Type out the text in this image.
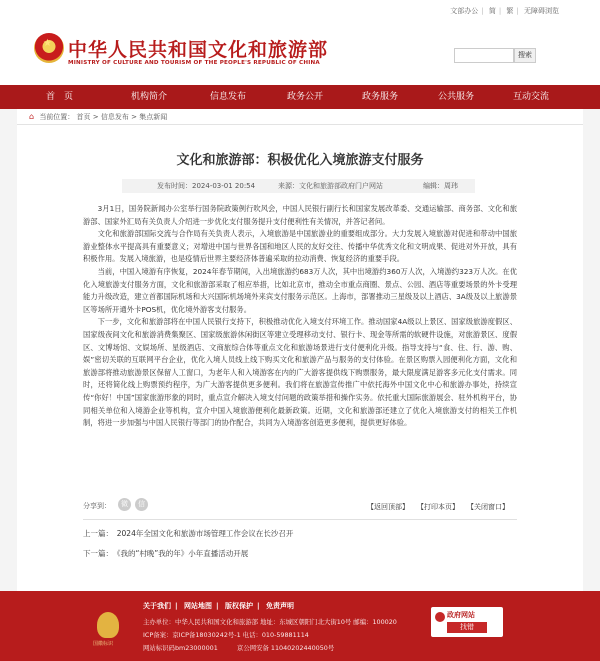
文部办公 | 简 | 繁 | 无障碍浏览
★ 中华人民共和国文化和旅游部
MINISTRY OF CULTURE AND TOURISM OF THE PEOPLE'S REPUBLIC OF CHINA
搜索
首　页	机构简介	信息发布	政务公开	政务服务	公共服务	互动交流
⌂ 当前位置： 首页 > 信息发布 > 集点新闻
文化和旅游部：积极优化入境旅游支付服务
发布时间：2024-03-01 20:54	来源：文化和旅游部政府门户网站	编辑：周玮

3月1日，国务院新闻办公室举行国务院政策例行吹风会，中国人民银行副行长和国家发展改革委、交通运输部、商务部、文化和旅游部、国家外汇局有关负责人介绍进一步优化支付服务提升支付便利性有关情况，并答记者问。

文化和旅游部国际交流与合作局有关负责人表示，入境旅游是中国旅游业的重要组成部分。大力发展入境旅游对促进和带动中国旅游业整体水平提高具有重要意义；对增进中国与世界各国和地区人民的友好交往、传播中华优秀文化和文明成果、促进对外开放，具有积极作用。发展入境旅游，也是疫情后世界主要经济体普遍采取的拉动消费、恢复经济的重要手段。

当前，中国入境游有序恢复，2024年春节期间，入出境旅游约683万人次，其中出境游约360万人次，入境游约323万人次。在优化入境旅游支付服务方面，文化和旅游部采取了相应举措，比如北京市，推动全市重点商圈、景点、公园、酒店等重要场景的外卡受理能力升级改造，建立首都国际机场和大兴国际机场境外来宾支付服务示范区。上海市，部署推动三星级及以上酒店、3A级及以上旅游景区等场所开通外卡POS机，优化境外游客支付服务。

下一步，文化和旅游部将在中国人民银行支持下，积极推动优化入境支付环境工作。推动国家4A级以上景区、国家级旅游度假区、国家级夜间文化和旅游消费集聚区、国家级旅游休闲街区等建立受理移动支付、银行卡、现金等所需的软硬件设施，对旅游景区、度假区、文博场馆、文娱场所、星级酒店、文商旅综合体等重点文化和旅游场景进行支付便利化升级。指导支持与“食、住、行、游、购、娱”密切关联的互联网平台企业，优化入境人员线上线下购买文化和旅游产品与服务的支付体验。在景区购票入园便利化方面，文化和旅游部将推动旅游景区保留人工窗口，为老年人和入境游客在内的广大游客提供线下购票服务，最大限度满足游客多元化支付需求。同时，还将简化线上购票预约程序，为广大游客提供更多便利。我们将在旅游宣传推广中依托海外中国文化中心和旅游办事处，持续宣传“你好！中国”国家旅游形象的同时，重点宣介解决入境支付问题的政策举措和操作实务。依托重大国际旅游展会、驻外机构平台，协同相关单位和入境游企业等机构，宣介中国入境旅游便利化最新政策。近期，文化和旅游部还建立了优化入境旅游支付的相关工作机制，将进一步加强与中国人民银行等部门的协作配合，共同为入境游客创造更多便利，提供更好体验。

分享到：	微	信	【返回顶部】 【打印本页】 【关闭窗口】
上一篇：　2024年全国文化和旅游市场管理工作会议在长沙召开
下一篇：　《我的“村晚”我的年》小年直播活动开展
国徽标识
关于我们 | 网站地图 | 版权保护 | 免责声明
主办单位：中华人民共和国文化和旅游部 地址：东城区朝阳门北大街10号 邮编：100020
ICP备案：京ICP备18030242号-1 电话：010-59881114
网站标识码bm23000001　　　京公网安备 11040202440050号
政府网站
找错
